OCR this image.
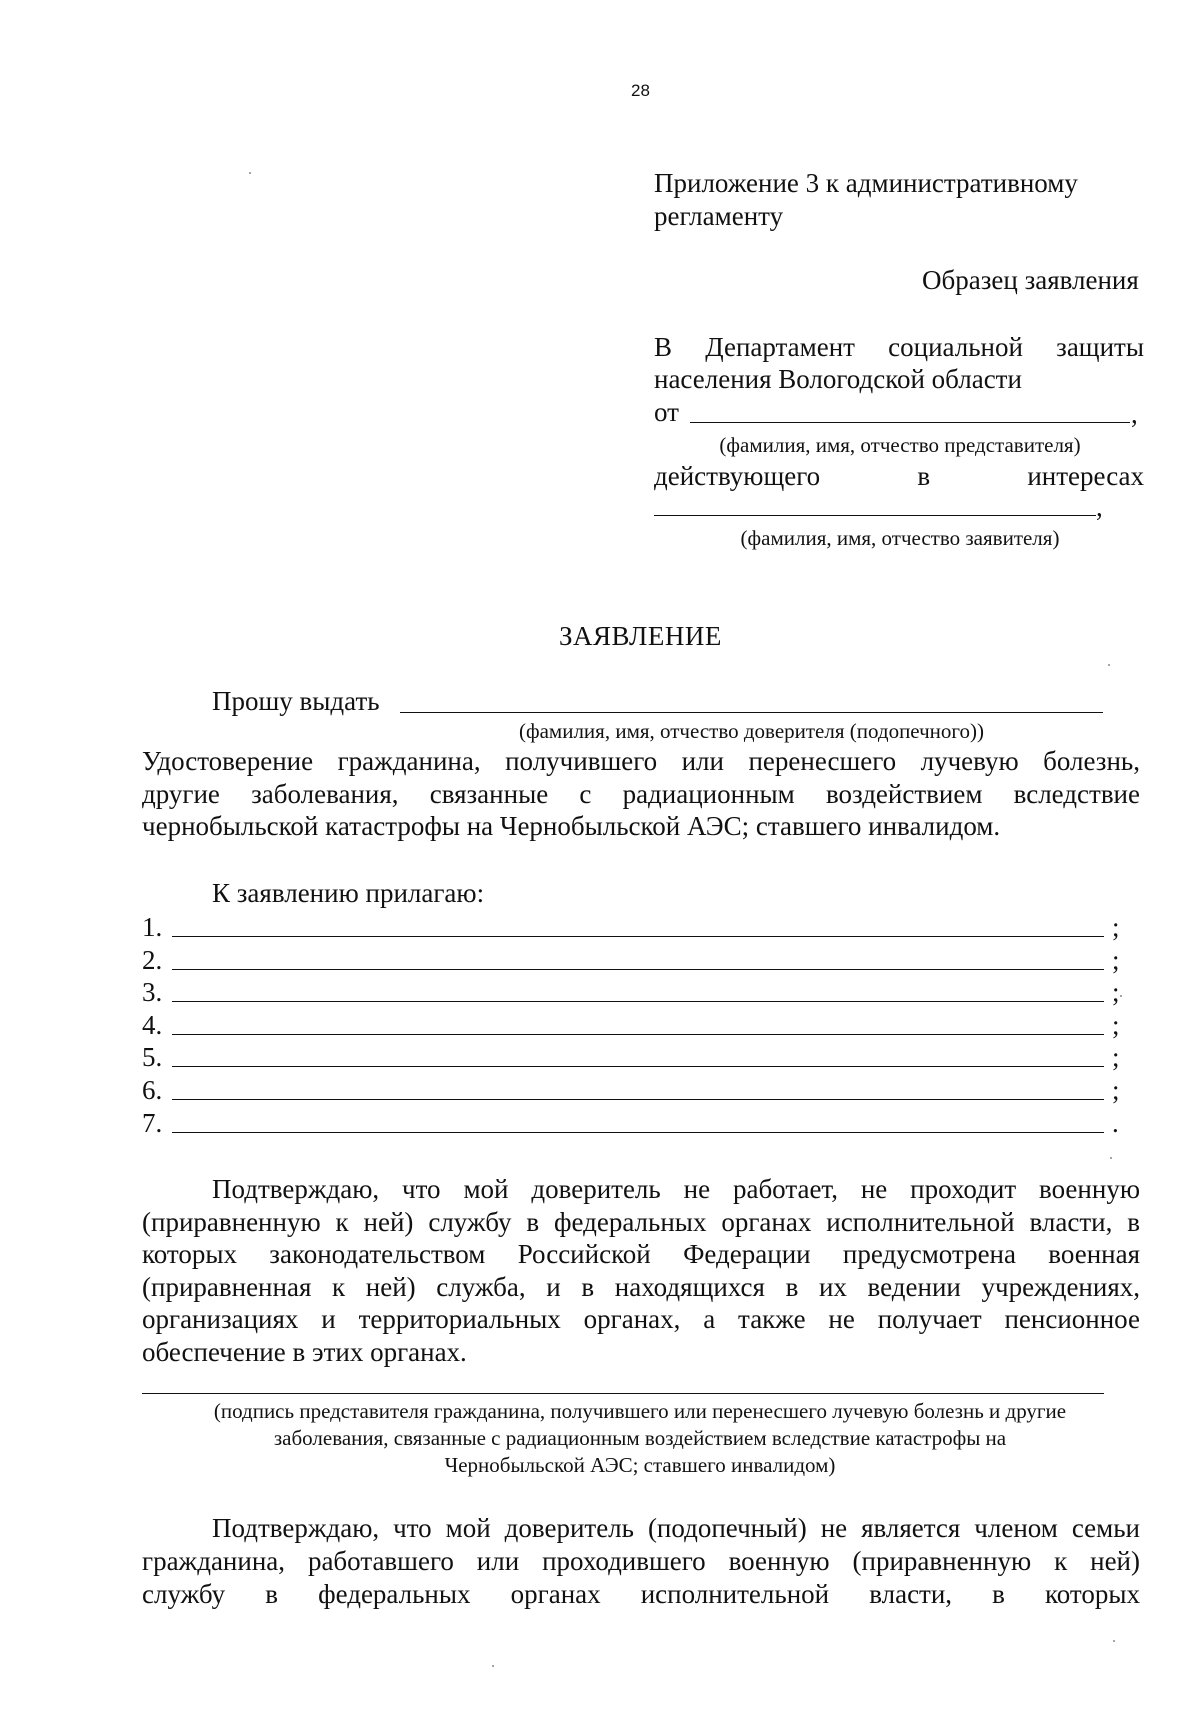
28
Приложение 3 к административному
регламенту
Образец заявления
В Департамент социальной защиты
населения Вологодской области
от	,
(фамилия, имя, отчество представителя)
действующего в интересах
,
(фамилия, имя, отчество заявителя)
ЗАЯВЛЕНИЕ
Прошу выдать
(фамилия, имя, отчество доверителя (подопечного))
Удостоверение гражданина, получившего или перенесшего лучевую болезнь,
другие заболевания, связанные с радиационным воздействием вследствие
чернобыльской катастрофы на Чернобыльской АЭС; ставшего инвалидом.
К заявлению прилагаю:
1.	;
2.	;
3.	;
4.	;
5.	;
6.	;
7.	.
Подтверждаю, что мой доверитель не работает, не проходит военную
(приравненную к ней) службу в федеральных органах исполнительной власти, в
которых законодательством Российской Федерации предусмотрена военная
(приравненная к ней) служба, и в находящихся в их ведении учреждениях,
организациях и территориальных органах, а также не получает пенсионное
обеспечение в этих органах.
(подпись представителя гражданина, получившего или перенесшего лучевую болезнь и другие
заболевания, связанные с радиационным воздействием вследствие катастрофы на
Чернобыльской АЭС; ставшего инвалидом)
Подтверждаю, что мой доверитель (подопечный) не является членом семьи
гражданина, работавшего или проходившего военную (приравненную к ней)
службу в федеральных органах исполнительной власти, в которых
